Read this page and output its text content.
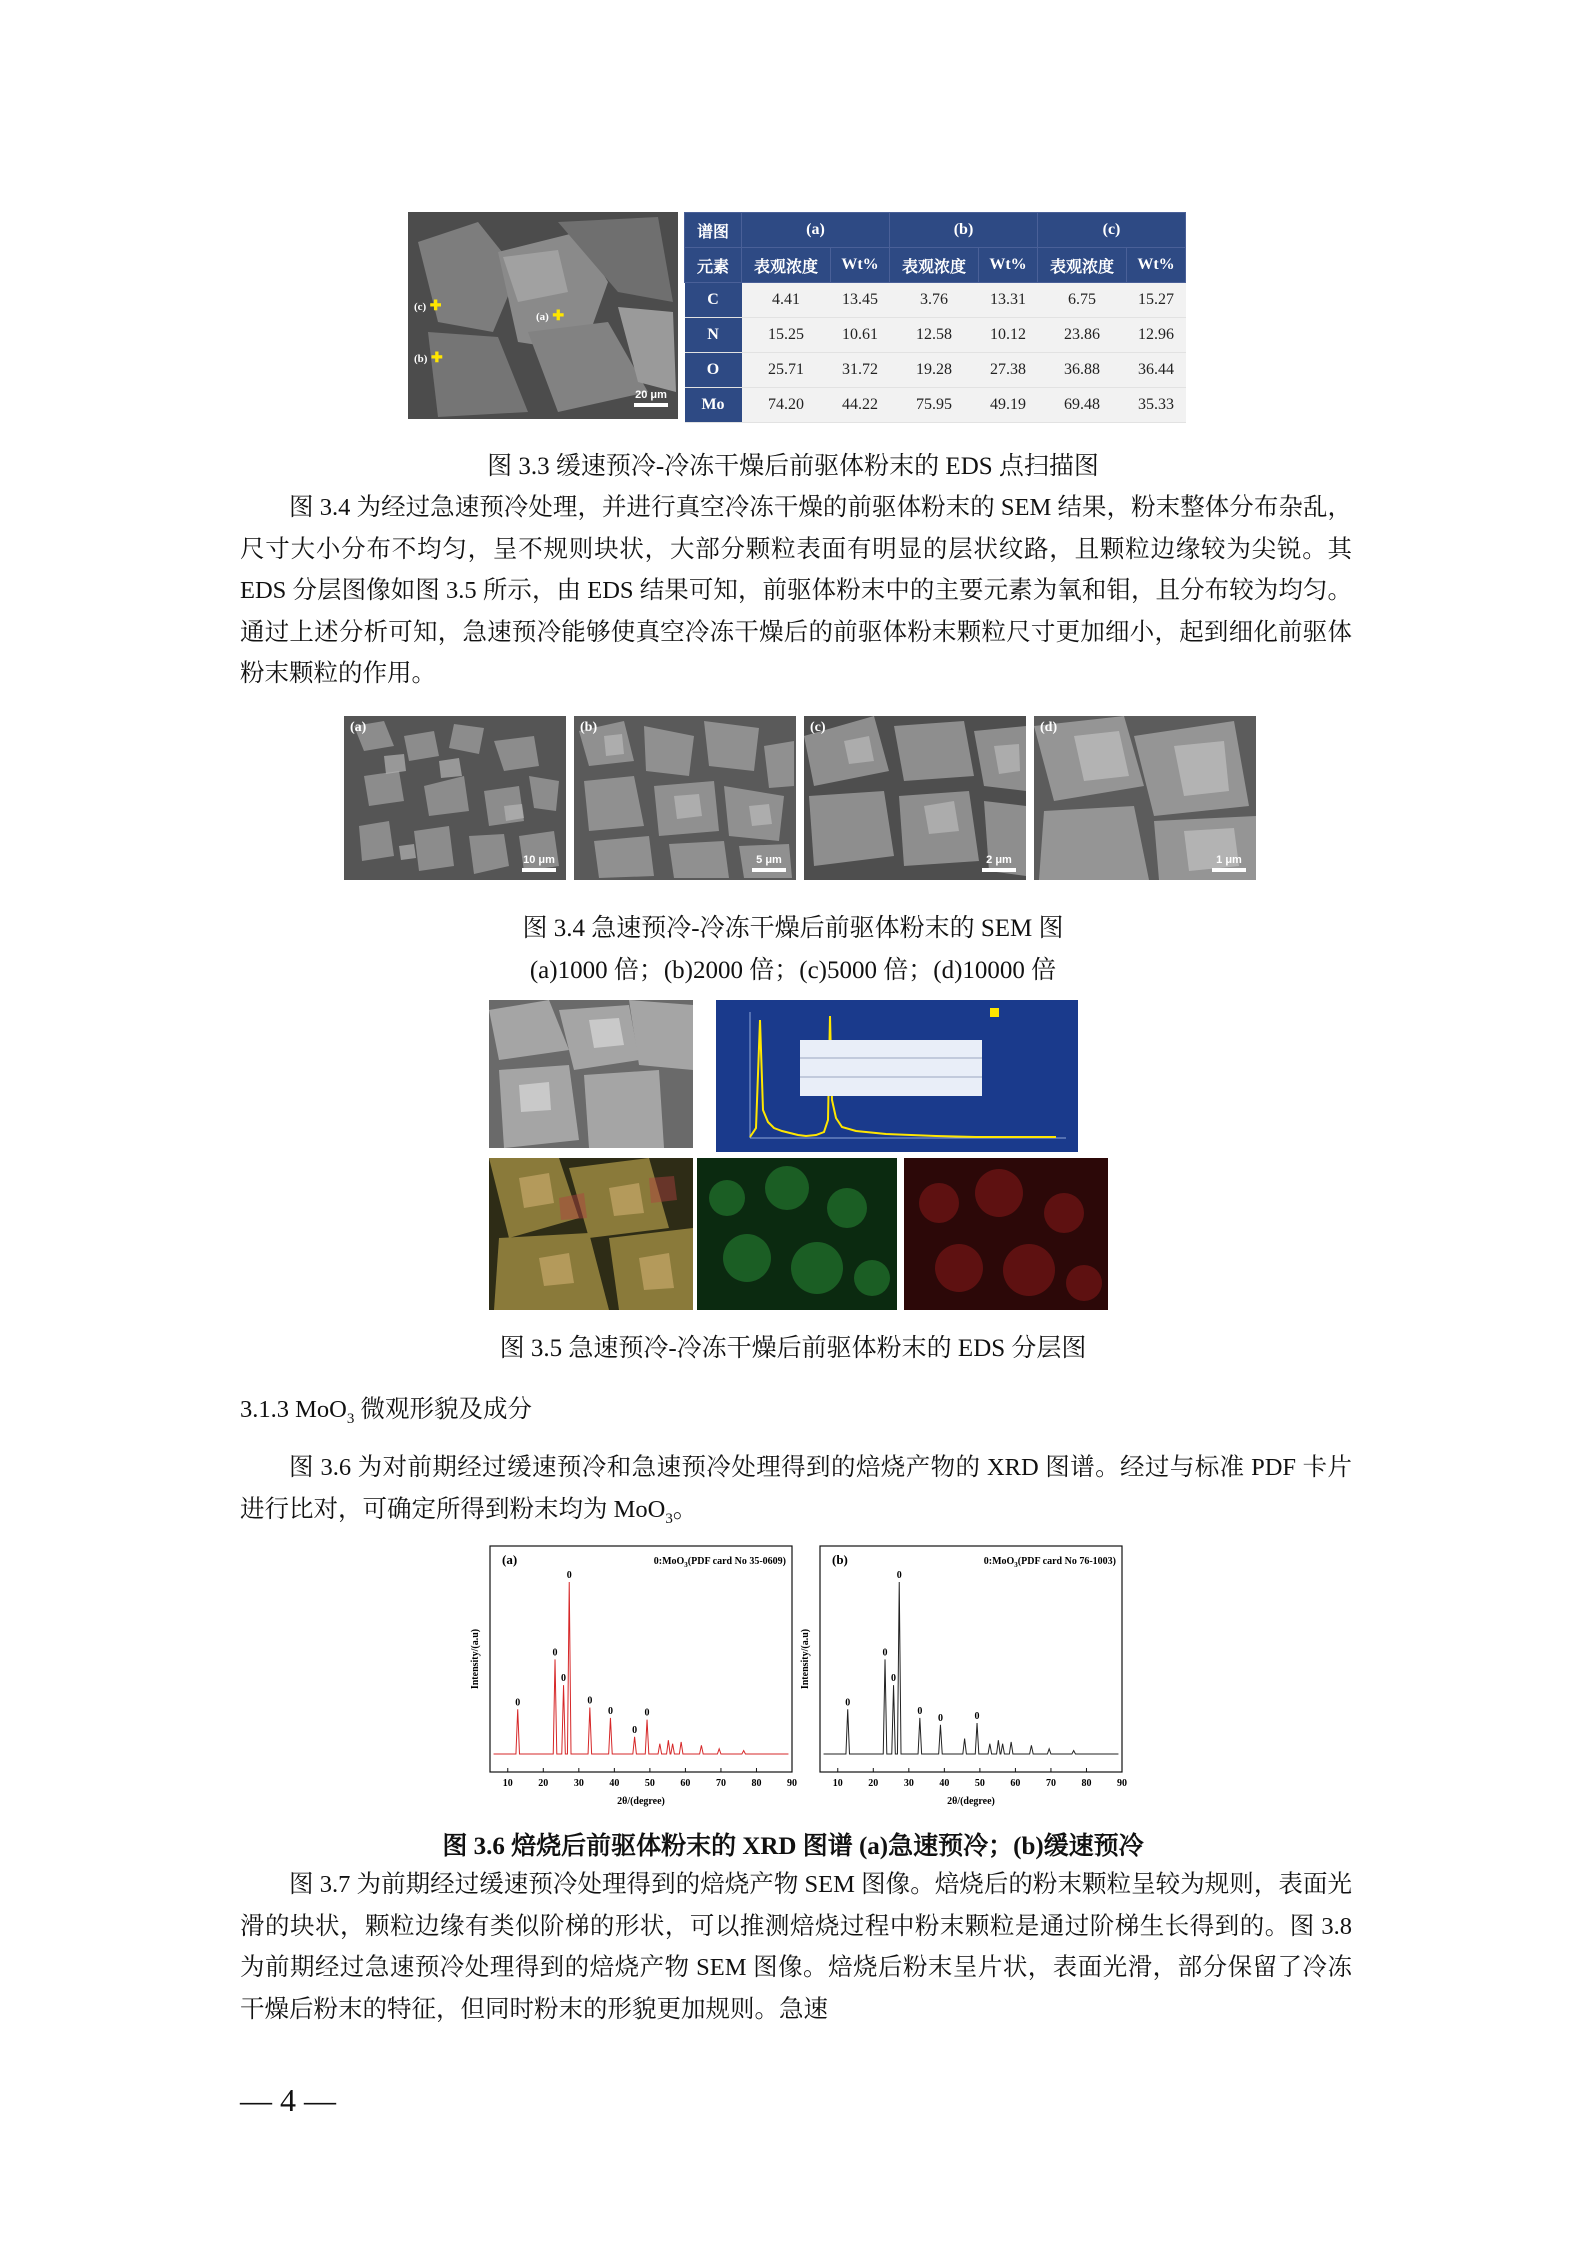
(a) ✚
(c) ✚
(b) ✚
20 μm
谱图	(a)		(b)		(c)	
元素	表观浓度	Wt%	表观浓度	Wt%	表观浓度	Wt%
C	4.41	13.45	3.76	13.31	6.75	15.27
N	15.25	10.61	12.58	10.12	23.86	12.96
O	25.71	31.72	19.28	27.38	36.88	36.44
Mo	74.20	44.22	75.95	49.19	69.48	35.33
图 3.3 缓速预冷-冷冻干燥后前驱体粉末的 EDS 点扫描图
图 3.4 为经过急速预冷处理，并进行真空冷冻干燥的前驱体粉末的 SEM 结果，粉末整体分布杂乱，尺寸大小分布不均匀，呈不规则块状，大部分颗粒表面有明显的层状纹路，且颗粒边缘较为尖锐。其 EDS 分层图像如图 3.5 所示，由 EDS 结果可知，前驱体粉末中的主要元素为氧和钼，且分布较为均匀。通过上述分析可知，急速预冷能够使真空冷冻干燥后的前驱体粉末颗粒尺寸更加细小，起到细化前驱体粉末颗粒的作用。
(a)
10 μm
(b)
5 μm
(c)
2 μm
(d)
1 μm
图 3.4 急速预冷-冷冻干燥后前驱体粉末的 SEM 图
(a)1000 倍；(b)2000 倍；(c)5000 倍；(d)10000 倍
图 3.5 急速预冷-冷冻干燥后前驱体粉末的 EDS 分层图
3.1.3 MoO$_3$ 微观形貌及成分
图 3.6 为对前期经过缓速预冷和急速预冷处理得到的焙烧产物的 XRD 图谱。经过与标准 PDF 卡片进行比对，可确定所得到粉末均为 MoO$_3$。
(a)	0:MoO$_3$(PDF card No 35-0609)
Intensity/(a.u)
2θ/(degree)
10	20	30	40	50	60	70	80	90
0
0
0
0
0
0
0
0
(b)	0:MoO$_3$(PDF card No 76-1003)
Intensity/(a.u)
2θ/(degree)
10	20	30	40	50	60	70	80	90
0
0
0
0
0
0	0
图 3.6 焙烧后前驱体粉末的 XRD 图谱 (a)急速预冷；(b)缓速预冷
图 3.7 为前期经过缓速预冷处理得到的焙烧产物 SEM 图像。焙烧后的粉末颗粒呈较为规则，表面光滑的块状，颗粒边缘有类似阶梯的形状，可以推测焙烧过程中粉末颗粒是通过阶梯生长得到的。图 3.8 为前期经过急速预冷处理得到的焙烧产物 SEM 图像。焙烧后粉末呈片状，表面光滑，部分保留了冷冻干燥后粉末的特征，但同时粉末的形貌更加规则。急速
— 4 —
